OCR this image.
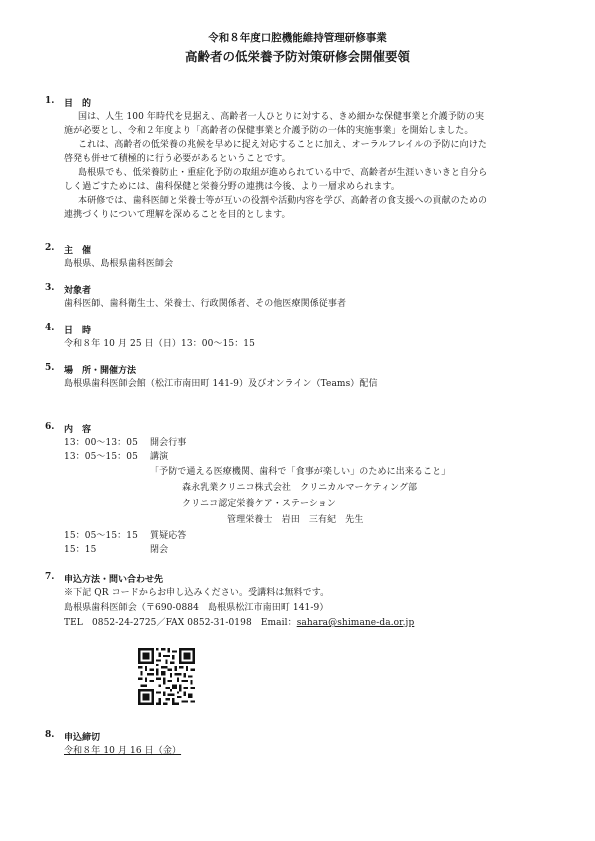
令和８年度口腔機能維持管理研修事業
高齢者の低栄養予防対策研修会開催要領
1. 目　的
国は、人生 100 年時代を見据え、高齢者一人ひとりに対する、きめ細かな保健事業と介護予防の実
施が必要とし、令和２年度より「高齢者の保健事業と介護予防の一体的実施事業」を開始しました。
これは、高齢者の低栄養の兆候を早めに捉え対応することに加え、オーラルフレイルの予防に向けた
啓発も併せて積極的に行う必要があるということです。
島根県でも、低栄養防止・重症化予防の取組が進められている中で、高齢者が生涯いきいきと自分ら
しく過ごすためには、歯科保健と栄養分野の連携は今後、より一層求められます。
本研修では、歯科医師と栄養士等が互いの役割や活動内容を学び、高齢者の食支援への貢献のための
連携づくりについて理解を深めることを目的とします。
2. 主　催
島根県、島根県歯科医師会
3. 対象者
歯科医師、歯科衛生士、栄養士、行政関係者、その他医療関係従事者
4. 日　時
令和８年 10 月 25 日（日）13：00～15：15
5. 場　所・開催方法
島根県歯科医師会館（松江市南田町 141-9）及びオンライン（Teams）配信
6. 内　容
13：00～13：05 開会行事
13：05～15：05 講演
「予防で通える医療機関、歯科で「食事が楽しい」のために出来ること」
森永乳業クリニコ株式会社　クリニカルマーケティング部
クリニコ認定栄養ケア・ステーション
管理栄養士　岩田　三有紀　先生
15：05～15：15 質疑応答
15：15	閉会
7. 申込方法・問い合わせ先
※下記 QR コードからお申し込みください。受講料は無料です。
島根県歯科医師会（〒690-0884　島根県松江市南田町 141-9）
TEL　0852-24-2725／FAX 0852-31-0198　Email：sahara@shimane-da.or.jp
8. 申込締切
令和８年 10 月 16 日（金）
